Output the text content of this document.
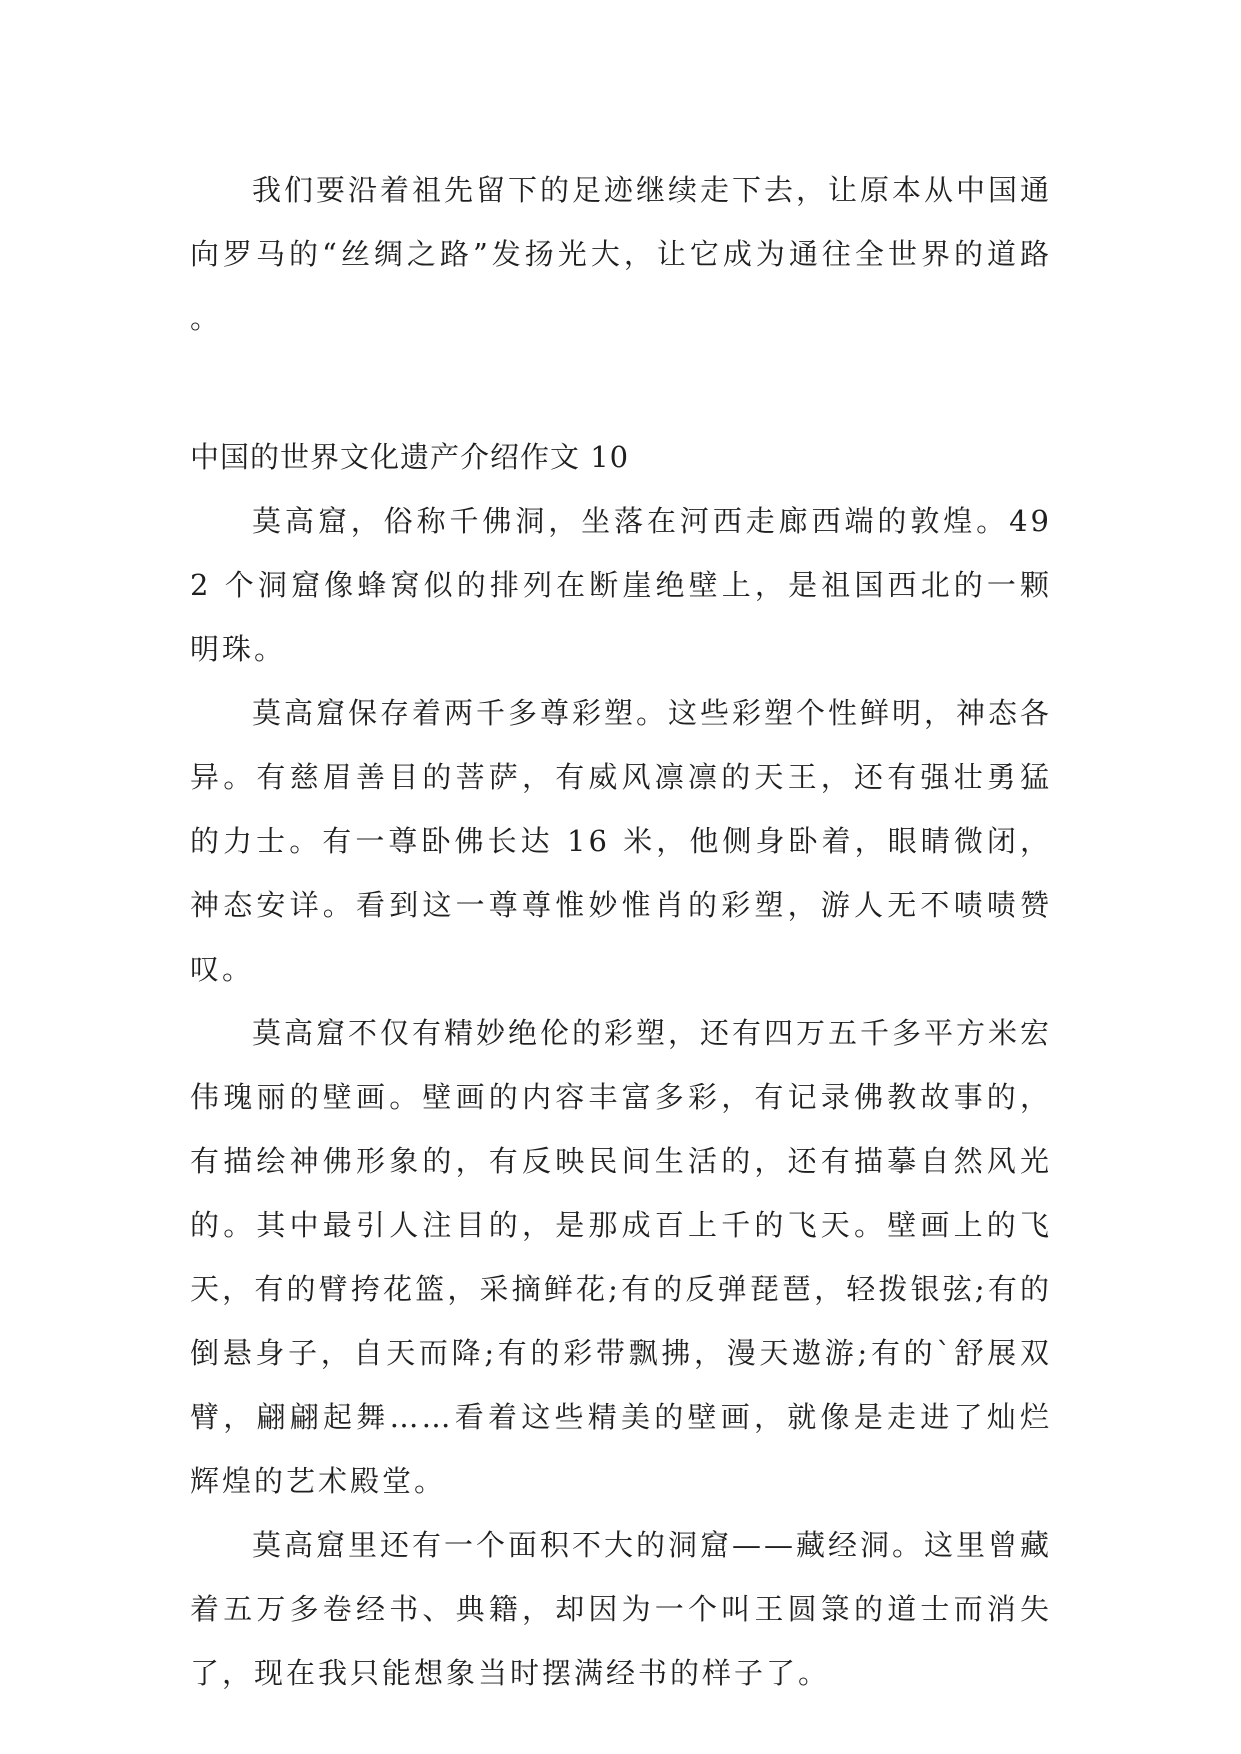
我们要沿着祖先留下的足迹继续走下去，让原本从中国通向罗马的“丝绸之路”发扬光大，让它成为通往全世界的道路。

中国的世界文化遗产介绍作文 10

莫高窟，俗称千佛洞，坐落在河西走廊西端的敦煌。492 个洞窟像蜂窝似的排列在断崖绝壁上，是祖国西北的一颗明珠。

莫高窟保存着两千多尊彩塑。这些彩塑个性鲜明，神态各异。有慈眉善目的菩萨，有威风凛凛的天王，还有强壮勇猛的力士。有一尊卧佛长达 16 米，他侧身卧着，眼睛微闭，神态安详。看到这一尊尊惟妙惟肖的彩塑，游人无不啧啧赞叹。

莫高窟不仅有精妙绝伦的彩塑，还有四万五千多平方米宏伟瑰丽的壁画。壁画的内容丰富多彩，有记录佛教故事的，有描绘神佛形象的，有反映民间生活的，还有描摹自然风光的。其中最引人注目的，是那成百上千的飞天。壁画上的飞天，有的臂挎花篮，采摘鲜花;有的反弹琵琶，轻拨银弦;有的倒悬身子，自天而降;有的彩带飘拂，漫天遨游;有的`舒展双臂，翩翩起舞……看着这些精美的壁画，就像是走进了灿烂辉煌的艺术殿堂。

莫高窟里还有一个面积不大的洞窟——藏经洞。这里曾藏着五万多卷经书、典籍，却因为一个叫王圆箓的道士而消失了，现在我只能想象当时摆满经书的样子了。
